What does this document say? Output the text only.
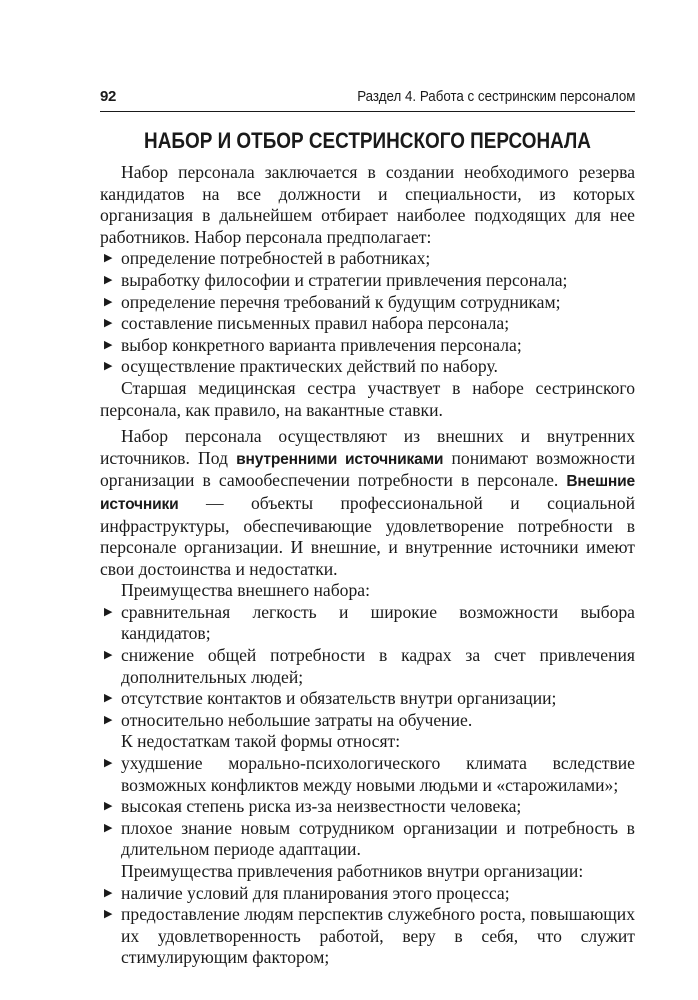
92	Раздел 4. Работа с сестринским персоналом
НАБОР И ОТБОР СЕСТРИНСКОГО ПЕРСОНАЛА

Набор персонала заключается в создании необходимого резерва кандидатов на все должности и специальности, из которых организация в дальнейшем отбирает наиболее подходящих для нее работников. Набор персонала предполагает:

▶ определение потребностей в работниках;
▶ выработку философии и стратегии привлечения персонала;
▶ определение перечня требований к будущим сотрудникам;
▶ составление письменных правил набора персонала;
▶ выбор конкретного варианта привлечения персонала;
▶ осуществление практических действий по набору.

Старшая медицинская сестра участвует в наборе сестринского персонала, как правило, на вакантные ставки.

Набор персонала осуществляют из внешних и внутренних источников. Под внутренними источниками понимают возможности организации в самообеспечении потребности в персонале. Внешние источники — объекты профессиональной и социальной инфраструктуры, обеспечивающие удовлетворение потребности в персонале организации. И внешние, и внутренние источники имеют свои достоинства и недостатки.

Преимущества внешнего набора:

▶ сравнительная легкость и широкие возможности выбора кандидатов;
▶ снижение общей потребности в кадрах за счет привлечения дополнительных людей;
▶ отсутствие контактов и обязательств внутри организации;
▶ относительно небольшие затраты на обучение.

К недостаткам такой формы относят:

▶ ухудшение морально-психологического климата вследствие возможных конфликтов между новыми людьми и «старожилами»;
▶ высокая степень риска из-за неизвестности человека;
▶ плохое знание новым сотрудником организации и потребность в длительном периоде адаптации.

Преимущества привлечения работников внутри организации:

▶ наличие условий для планирования этого процесса;
▶ предоставление людям перспектив служебного роста, повышающих их удовлетворенность работой, веру в себя, что служит стимулирующим фактором;
